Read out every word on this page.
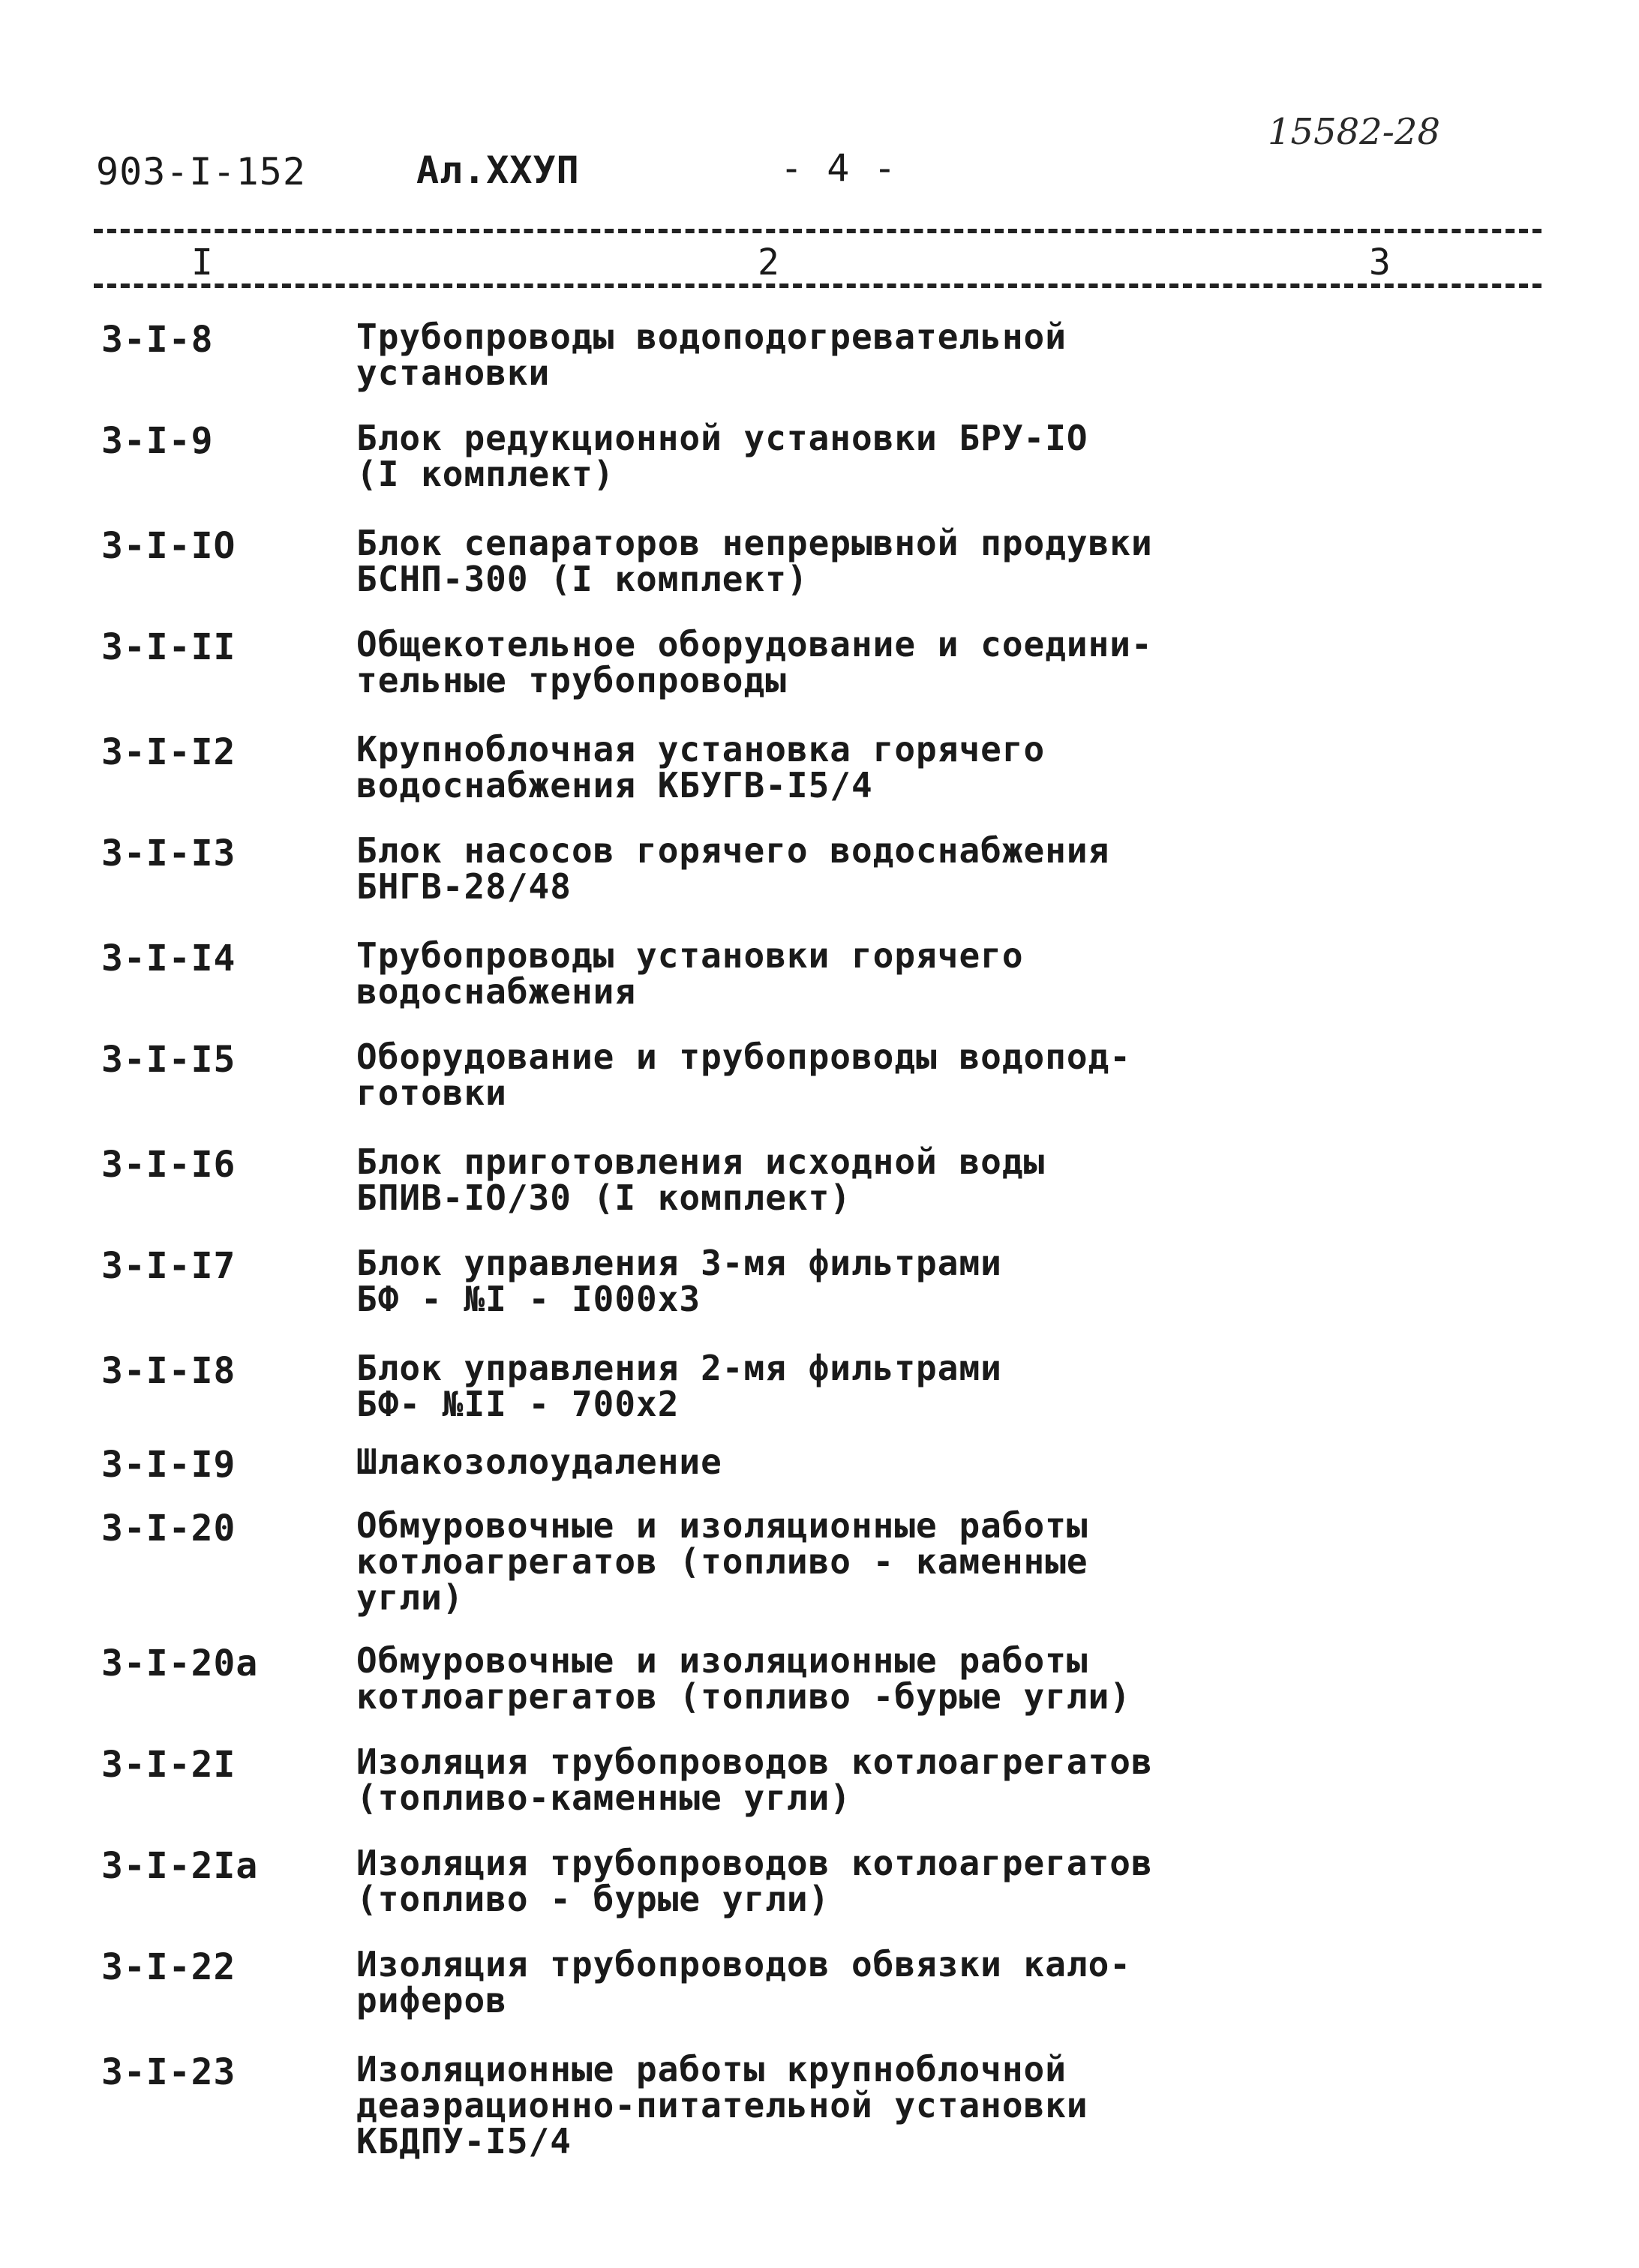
903-I-152	Ал.XXУП	- 4 -
15582-28
I	2	3
3-I-8	Трубопроводы водоподогревательной
установки
3-I-9	Блок редукционной установки БРУ-IO
(I комплект)
3-I-IO	Блок сепараторов непрерывной продувки
БСНП-300 (I комплект)
3-I-II	Общекотельное оборудование и соедини-
тельные трубопроводы
3-I-I2	Крупноблочная установка горячего
водоснабжения КБУГВ-I5/4
3-I-I3	Блок насосов горячего водоснабжения
БНГВ-28/48
3-I-I4	Трубопроводы установки горячего
водоснабжения
3-I-I5	Оборудование и трубопроводы водопод-
готовки
3-I-I6	Блок приготовления исходной воды
БПИВ-IO/30 (I комплект)
3-I-I7	Блок управления 3-мя фильтрами
БФ - №I - I000x3
3-I-I8	Блок управления 2-мя фильтрами
БФ- №II - 700x2
3-I-I9	Шлакозолоудаление
3-I-20	Обмуровочные и изоляционные работы
котлоагрегатов (топливо - каменные
угли)
3-I-20а	Обмуровочные и изоляционные работы
котлоагрегатов (топливо -бурые угли)
3-I-2I	Изоляция трубопроводов котлоагрегатов
(топливо-каменные угли)
3-I-2Iа	Изоляция трубопроводов котлоагрегатов
(топливо - бурые угли)
3-I-22	Изоляция трубопроводов обвязки кало-
риферов
3-I-23	Изоляционные работы крупноблочной
деаэрационно-питательной установки
КБДПУ-I5/4
